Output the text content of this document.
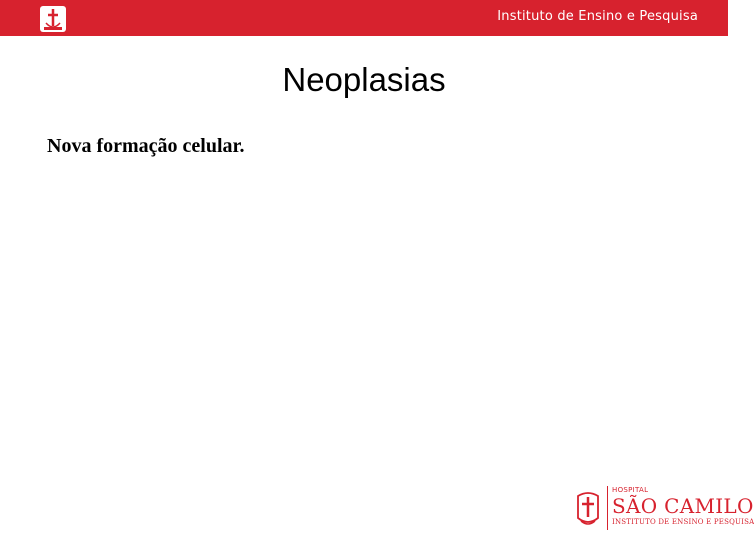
Instituto de Ensino e Pesquisa
Neoplasias
Nova formação celular.
HOSPITAL
SÃO CAMILO
INSTITUTO DE ENSINO E PESQUISA
